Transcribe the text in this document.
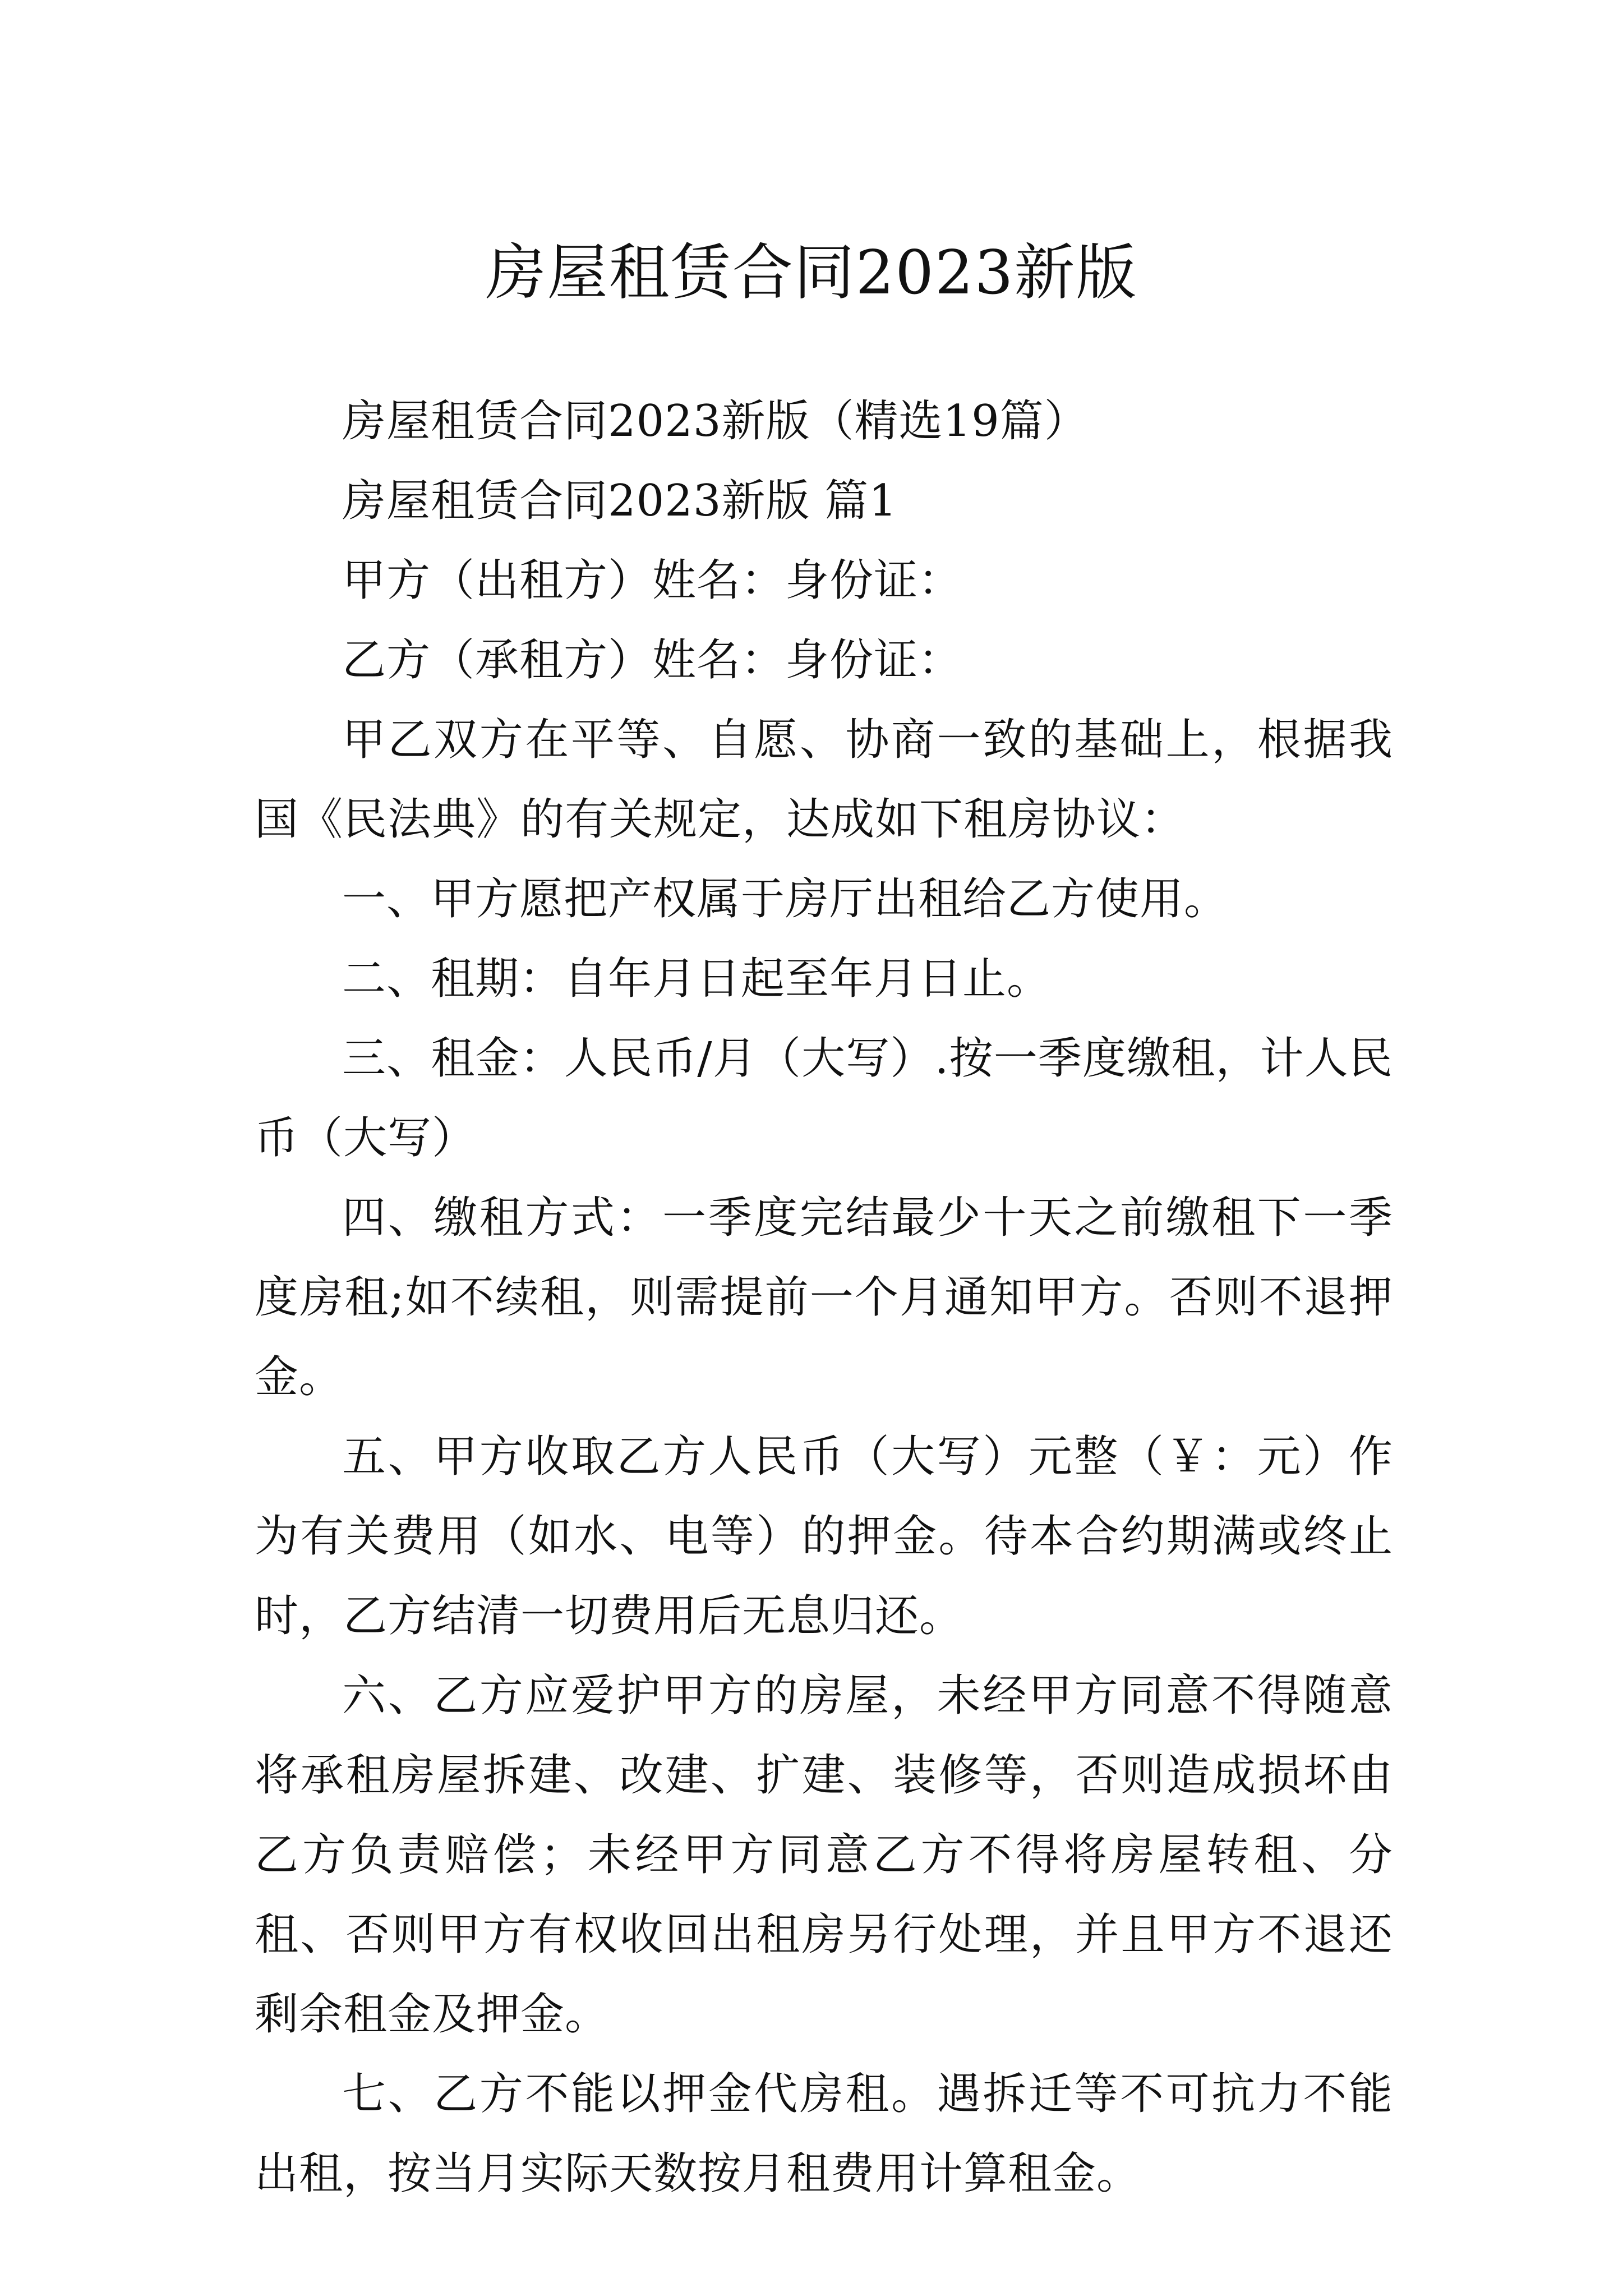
房屋租赁合同2023新版

房屋租赁合同2023新版（精选19篇）

房屋租赁合同2023新版 篇1

甲方（出租方）姓名：身份证：

乙方（承租方）姓名：身份证：

甲乙双方在平等、自愿、协商一致的基础上，根据我国《民法典》的有关规定，达成如下租房协议：

一、甲方愿把产权属于房厅出租给乙方使用。

二、租期：自年月日起至年月日止。

三、租金：人民币/月（大写）.按一季度缴租，计人民币（大写）

四、缴租方式：一季度完结最少十天之前缴租下一季度房租;如不续租，则需提前一个月通知甲方。否则不退押金。

五、甲方收取乙方人民币（大写）元整（￥：元）作为有关费用（如水、电等）的押金。待本合约期满或终止时，乙方结清一切费用后无息归还。

六、乙方应爱护甲方的房屋，未经甲方同意不得随意将承租房屋拆建、改建、扩建、装修等，否则造成损坏由乙方负责赔偿；未经甲方同意乙方不得将房屋转租、分租、否则甲方有权收回出租房另行处理，并且甲方不退还剩余租金及押金。

七、乙方不能以押金代房租。遇拆迁等不可抗力不能出租，按当月实际天数按月租费用计算租金。
